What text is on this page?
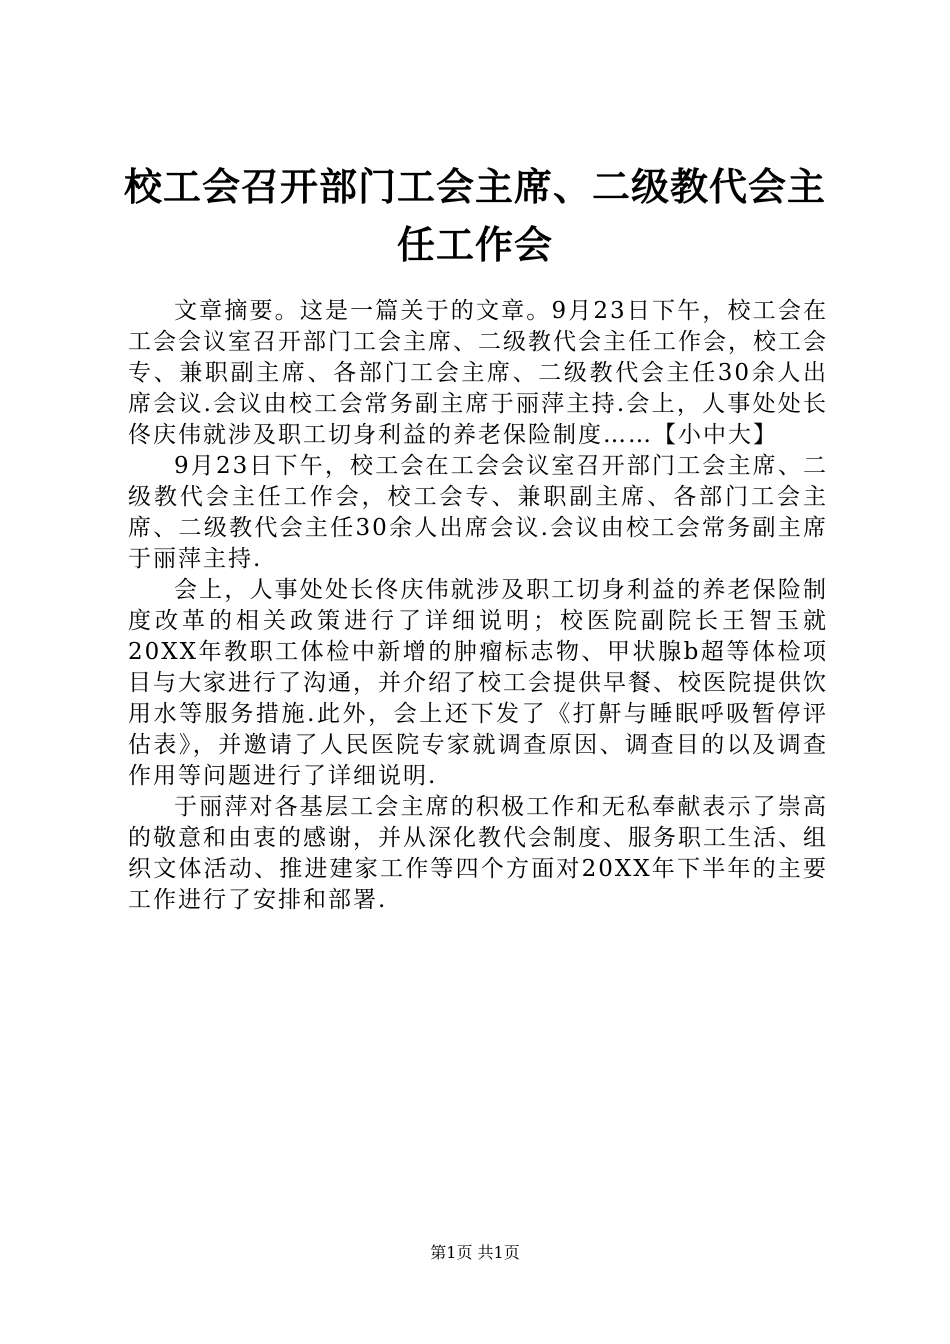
校工会召开部门工会主席、二级教代会主任工作会

文章摘要。这是一篇关于的文章。9月23日下午，校工会在工会会议室召开部门工会主席、二级教代会主任工作会，校工会专、兼职副主席、各部门工会主席、二级教代会主任30余人出席会议.会议由校工会常务副主席于丽萍主持.会上，人事处处长佟庆伟就涉及职工切身利益的养老保险制度……【小中大】

9月23日下午，校工会在工会会议室召开部门工会主席、二级教代会主任工作会，校工会专、兼职副主席、各部门工会主席、二级教代会主任30余人出席会议.会议由校工会常务副主席于丽萍主持.

会上，人事处处长佟庆伟就涉及职工切身利益的养老保险制度改革的相关政策进行了详细说明；校医院副院长王智玉就20XX年教职工体检中新增的肿瘤标志物、甲状腺b超等体检项目与大家进行了沟通，并介绍了校工会提供早餐、校医院提供饮用水等服务措施.此外，会上还下发了《打鼾与睡眠呼吸暂停评估表》，并邀请了人民医院专家就调查原因、调查目的以及调查作用等问题进行了详细说明.

于丽萍对各基层工会主席的积极工作和无私奉献表示了崇高的敬意和由衷的感谢，并从深化教代会制度、服务职工生活、组织文体活动、推进建家工作等四个方面对20XX年下半年的主要工作进行了安排和部署.

第1页 共1页
